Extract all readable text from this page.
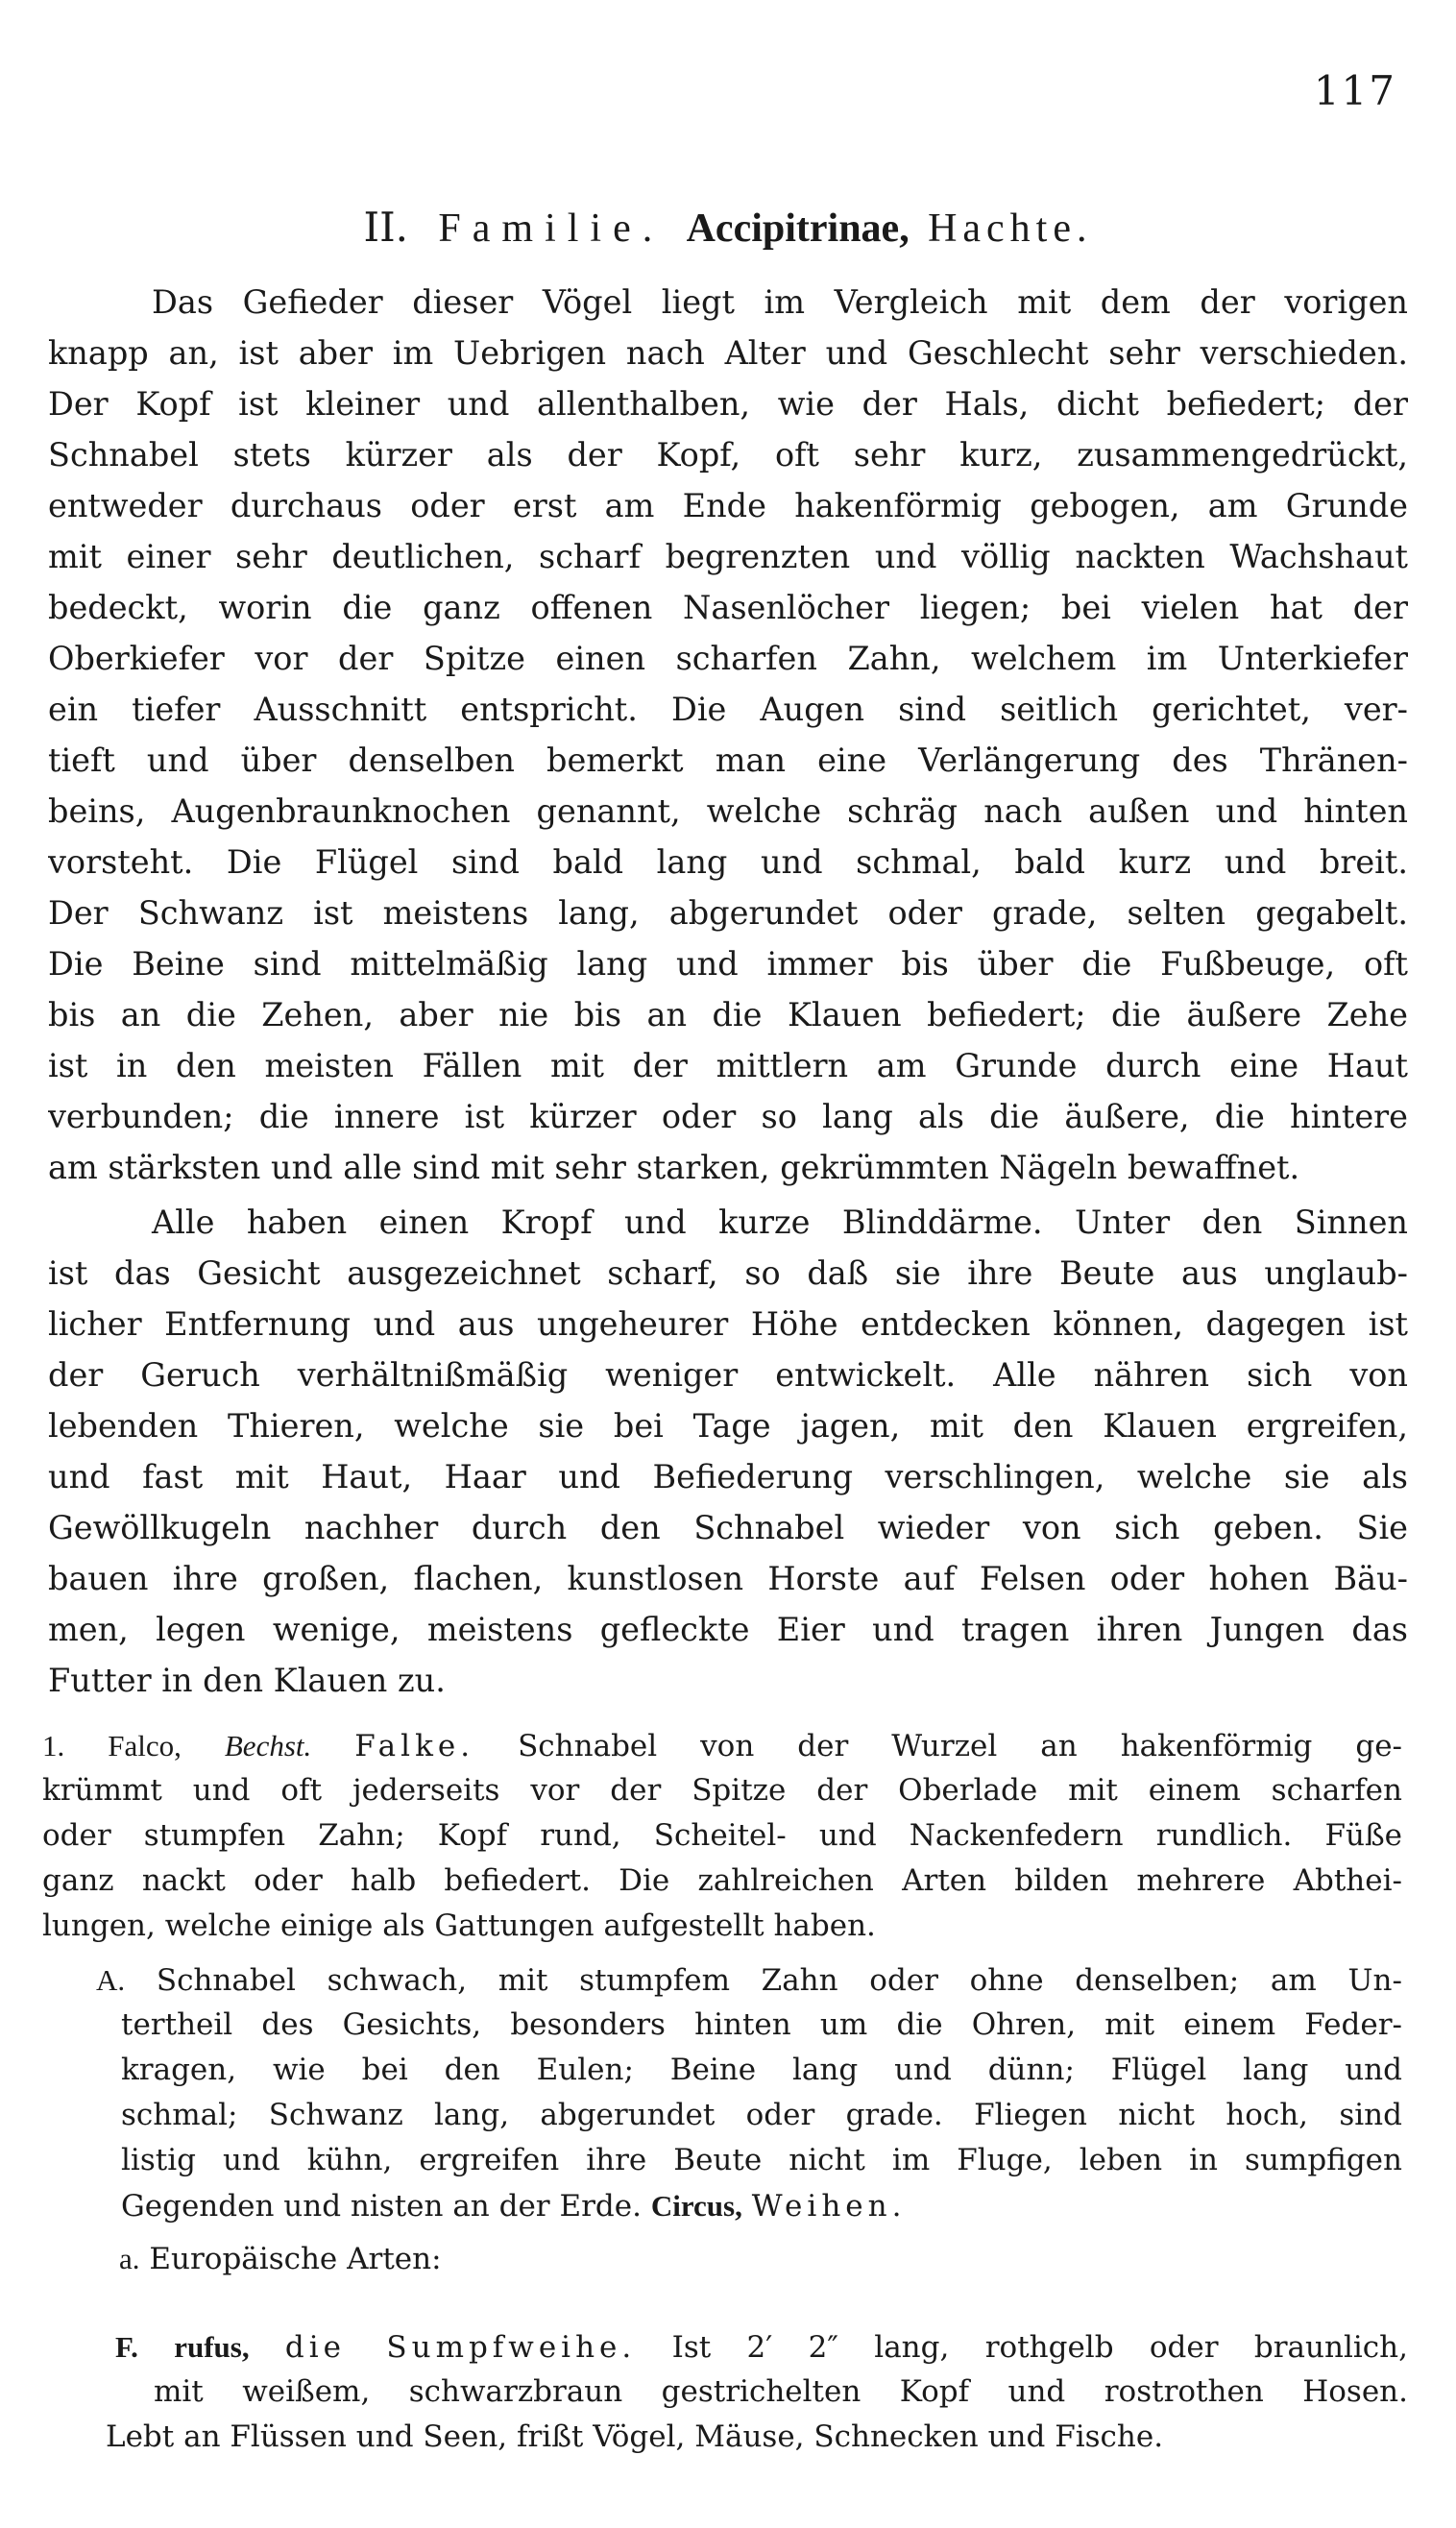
117
II. Familie. Accipitrinae, Hachte.
Das Gefieder dieser Vögel liegt im Vergleich mit dem der vorigen
knapp an, ist aber im Uebrigen nach Alter und Geschlecht sehr verschieden.
Der Kopf ist kleiner und allenthalben, wie der Hals, dicht befiedert; der
Schnabel stets kürzer als der Kopf, oft sehr kurz, zusammengedrückt,
entweder durchaus oder erst am Ende hakenförmig gebogen, am Grunde
mit einer sehr deutlichen, scharf begrenzten und völlig nackten Wachshaut
bedeckt, worin die ganz offenen Nasenlöcher liegen; bei vielen hat der
Oberkiefer vor der Spitze einen scharfen Zahn, welchem im Unterkiefer
ein tiefer Ausschnitt entspricht. Die Augen sind seitlich gerichtet, ver-
tieft und über denselben bemerkt man eine Verlängerung des Thränen-
beins, Augenbraunknochen genannt, welche schräg nach außen und hinten
vorsteht. Die Flügel sind bald lang und schmal, bald kurz und breit.
Der Schwanz ist meistens lang, abgerundet oder grade, selten gegabelt.
Die Beine sind mittelmäßig lang und immer bis über die Fußbeuge, oft
bis an die Zehen, aber nie bis an die Klauen befiedert; die äußere Zehe
ist in den meisten Fällen mit der mittlern am Grunde durch eine Haut
verbunden; die innere ist kürzer oder so lang als die äußere, die hintere
am stärksten und alle sind mit sehr starken, gekrümmten Nägeln bewaffnet.
Alle haben einen Kropf und kurze Blinddärme. Unter den Sinnen
ist das Gesicht ausgezeichnet scharf, so daß sie ihre Beute aus unglaub-
licher Entfernung und aus ungeheurer Höhe entdecken können, dagegen ist
der Geruch verhältnißmäßig weniger entwickelt. Alle nähren sich von
lebenden Thieren, welche sie bei Tage jagen, mit den Klauen ergreifen,
und fast mit Haut, Haar und Befiederung verschlingen, welche sie als
Gewöllkugeln nachher durch den Schnabel wieder von sich geben. Sie
bauen ihre großen, flachen, kunstlosen Horste auf Felsen oder hohen Bäu-
men, legen wenige, meistens gefleckte Eier und tragen ihren Jungen das
Futter in den Klauen zu.
1. Falco, Bechst. Falke. Schnabel von der Wurzel an hakenförmig ge-
krümmt und oft jederseits vor der Spitze der Oberlade mit einem scharfen
oder stumpfen Zahn; Kopf rund, Scheitel- und Nackenfedern rundlich. Füße
ganz nackt oder halb befiedert. Die zahlreichen Arten bilden mehrere Abthei-
lungen, welche einige als Gattungen aufgestellt haben.
A. Schnabel schwach, mit stumpfem Zahn oder ohne denselben; am Un-
tertheil des Gesichts, besonders hinten um die Ohren, mit einem Feder-
kragen, wie bei den Eulen; Beine lang und dünn; Flügel lang und
schmal; Schwanz lang, abgerundet oder grade. Fliegen nicht hoch, sind
listig und kühn, ergreifen ihre Beute nicht im Fluge, leben in sumpfigen
Gegenden und nisten an der Erde. Circus, Weihen.
a. Europäische Arten:
F. rufus, die Sumpfweihe. Ist 2′ 2″ lang, rothgelb oder braunlich,
mit weißem, schwarzbraun gestrichelten Kopf und rostrothen Hosen.
Lebt an Flüssen und Seen, frißt Vögel, Mäuse, Schnecken und Fische.
